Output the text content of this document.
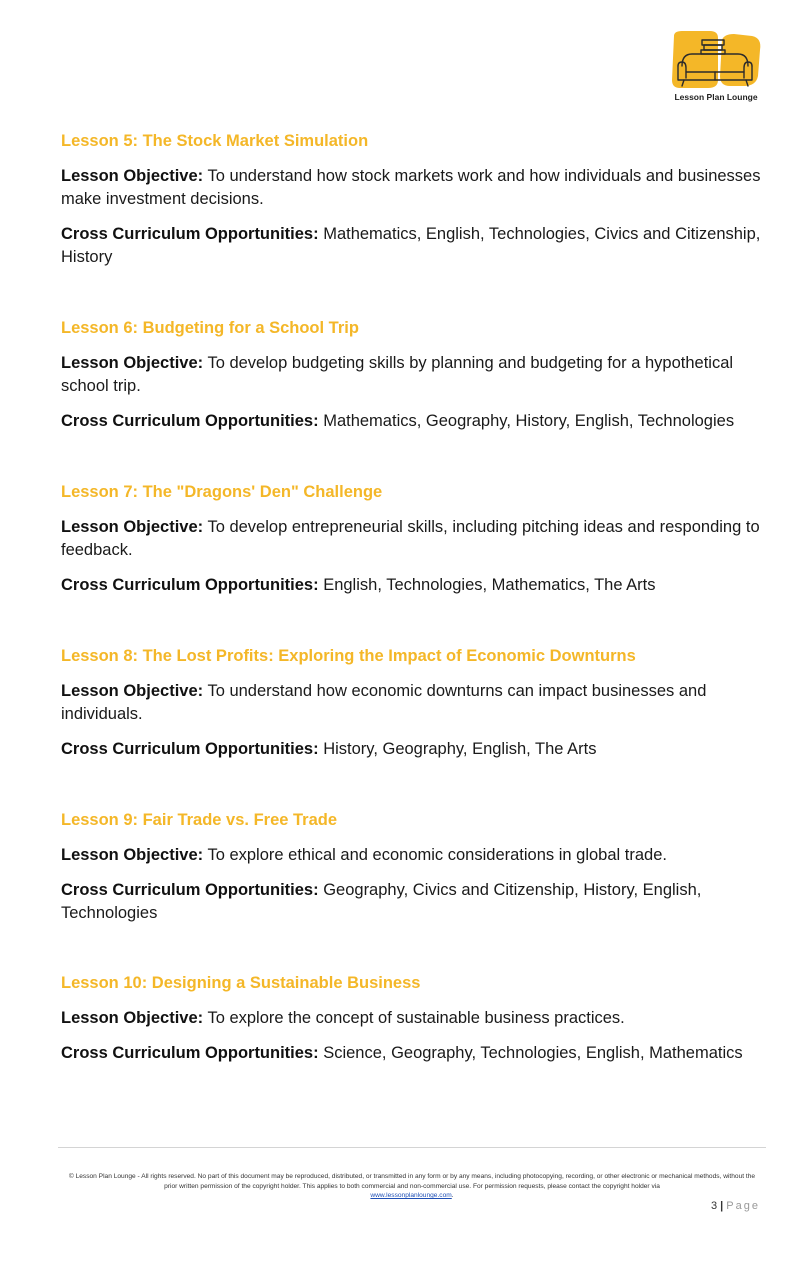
Lesson Plan Lounge
Lesson 5: The Stock Market Simulation
Lesson Objective: To understand how stock markets work and how individuals and businesses make investment decisions.
Cross Curriculum Opportunities: Mathematics, English, Technologies, Civics and Citizenship, History
Lesson 6: Budgeting for a School Trip
Lesson Objective: To develop budgeting skills by planning and budgeting for a hypothetical school trip.
Cross Curriculum Opportunities: Mathematics, Geography, History, English, Technologies
Lesson 7: The "Dragons' Den" Challenge
Lesson Objective: To develop entrepreneurial skills, including pitching ideas and responding to feedback.
Cross Curriculum Opportunities: English, Technologies, Mathematics, The Arts
Lesson 8: The Lost Profits: Exploring the Impact of Economic Downturns
Lesson Objective: To understand how economic downturns can impact businesses and individuals.
Cross Curriculum Opportunities: History, Geography, English, The Arts
Lesson 9: Fair Trade vs. Free Trade
Lesson Objective: To explore ethical and economic considerations in global trade.
Cross Curriculum Opportunities: Geography, Civics and Citizenship, History, English, Technologies
Lesson 10: Designing a Sustainable Business
Lesson Objective: To explore the concept of sustainable business practices.
Cross Curriculum Opportunities: Science, Geography, Technologies, English, Mathematics
© Lesson Plan Lounge - All rights reserved. No part of this document may be reproduced, distributed, or transmitted in any form or by any means, including photocopying, recording, or other electronic or mechanical methods, without the prior written permission of the copyright holder. This applies to both commercial and non-commercial use. For permission requests, please contact the copyright holder via
www.lessonplanlounge.com.
3 | Page
